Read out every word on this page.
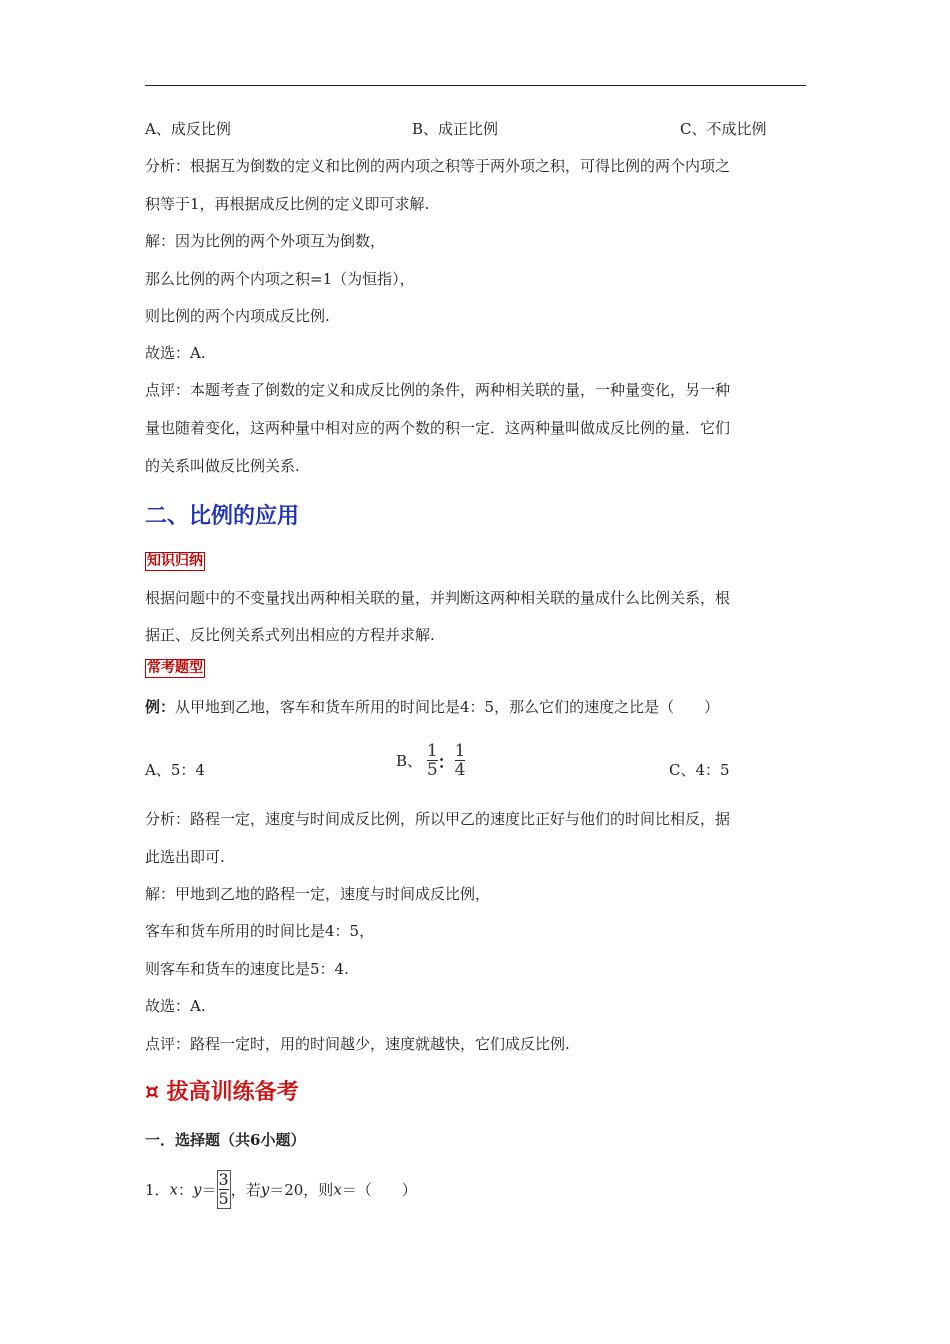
A、成反比例	B、成正比例	C、不成比例
分析：根据互为倒数的定义和比例的两内项之积等于两外项之积，可得比例的两个内项之
积等于1，再根据成反比例的定义即可求解.
解：因为比例的两个外项互为倒数，
那么比例的两个内项之积=1（为恒指），
则比例的两个内项成反比例.
故选：A.
点评：本题考查了倒数的定义和成反比例的条件，两种相关联的量，一种量变化，另一种
量也随着变化，这两种量中相对应的两个数的积一定．这两种量叫做成反比例的量．它们
的关系叫做反比例关系.
二、比例的应用
知识归纳
根据问题中的不变量找出两种相关联的量，并判断这两种相关联的量成什么比例关系，根
据正、反比例关系式列出相应的方程并求解.
常考题型
例：从甲地到乙地，客车和货车所用的时间比是4：5，那么它们的速度之比是（　　）
A、5：4	B、 $\frac{1}{5}$ ： $\frac{1}{4}$	C、4：5
分析：路程一定，速度与时间成反比例，所以甲乙的速度比正好与他们的时间比相反，据
此选出即可.
解：甲地到乙地的路程一定，速度与时间成反比例，
客车和货车所用的时间比是4：5，
则客车和货车的速度比是5：4.
故选：A.
点评：路程一定时，用的时间越少，速度就越快，它们成反比例.
¤ 拔高训练备考
一．选择题（共6小题）
1．x：$y= \frac{3}{5}$ ，若y＝20，则x＝（　　）
